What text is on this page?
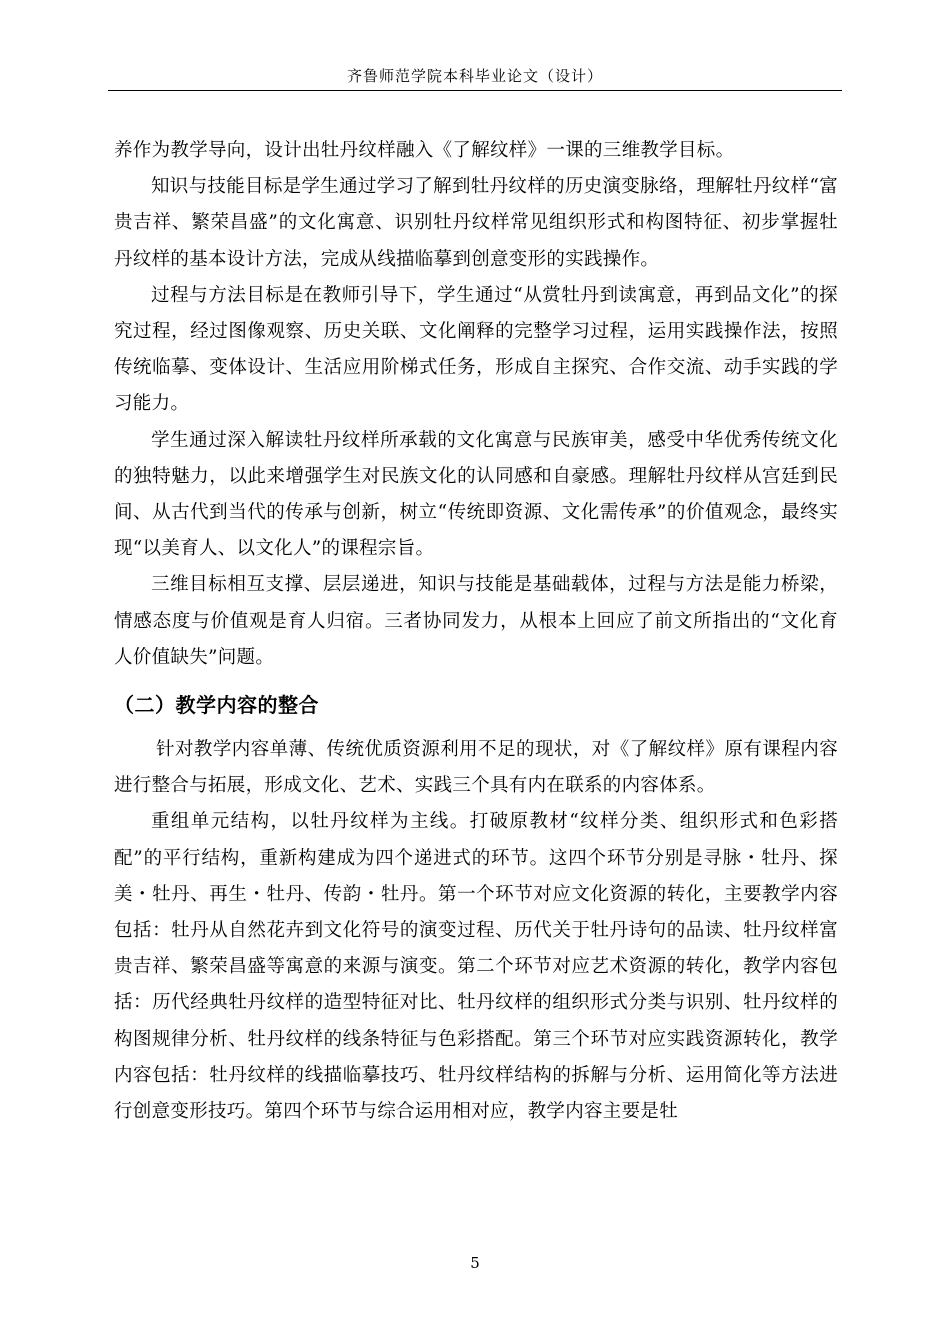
齐鲁师范学院本科毕业论文（设计）

养作为教学导向，设计出牡丹纹样融入《了解纹样》一课的三维教学目标。

知识与技能目标是学生通过学习了解到牡丹纹样的历史演变脉络，理解牡丹纹样“富贵吉祥、繁荣昌盛”的文化寓意、识别牡丹纹样常见组织形式和构图特征、初步掌握牡丹纹样的基本设计方法，完成从线描临摹到创意变形的实践操作。

过程与方法目标是在教师引导下，学生通过“从赏牡丹到读寓意，再到品文化”的探究过程，经过图像观察、历史关联、文化阐释的完整学习过程，运用实践操作法，按照传统临摹、变体设计、生活应用阶梯式任务，形成自主探究、合作交流、动手实践的学习能力。

学生通过深入解读牡丹纹样所承载的文化寓意与民族审美，感受中华优秀传统文化的独特魅力，以此来增强学生对民族文化的认同感和自豪感。理解牡丹纹样从宫廷到民间、从古代到当代的传承与创新，树立“传统即资源、文化需传承”的价值观念，最终实现“以美育人、以文化人”的课程宗旨。

三维目标相互支撑、层层递进，知识与技能是基础载体，过程与方法是能力桥梁，情感态度与价值观是育人归宿。三者协同发力，从根本上回应了前文所指出的“文化育人价值缺失”问题。

（二）教学内容的整合

针对教学内容单薄、传统优质资源利用不足的现状，对《了解纹样》原有课程内容进行整合与拓展，形成文化、艺术、实践三个具有内在联系的内容体系。

重组单元结构，以牡丹纹样为主线。打破原教材“纹样分类、组织形式和色彩搭配”的平行结构，重新构建成为四个递进式的环节。这四个环节分别是寻脉・牡丹、探美・牡丹、再生・牡丹、传韵・牡丹。第一个环节对应文化资源的转化，主要教学内容包括：牡丹从自然花卉到文化符号的演变过程、历代关于牡丹诗句的品读、牡丹纹样富贵吉祥、繁荣昌盛等寓意的来源与演变。第二个环节对应艺术资源的转化，教学内容包括：历代经典牡丹纹样的造型特征对比、牡丹纹样的组织形式分类与识别、牡丹纹样的构图规律分析、牡丹纹样的线条特征与色彩搭配。第三个环节对应实践资源转化，教学内容包括：牡丹纹样的线描临摹技巧、牡丹纹样结构的拆解与分析、运用简化等方法进行创意变形技巧。第四个环节与综合运用相对应，教学内容主要是牡

5
